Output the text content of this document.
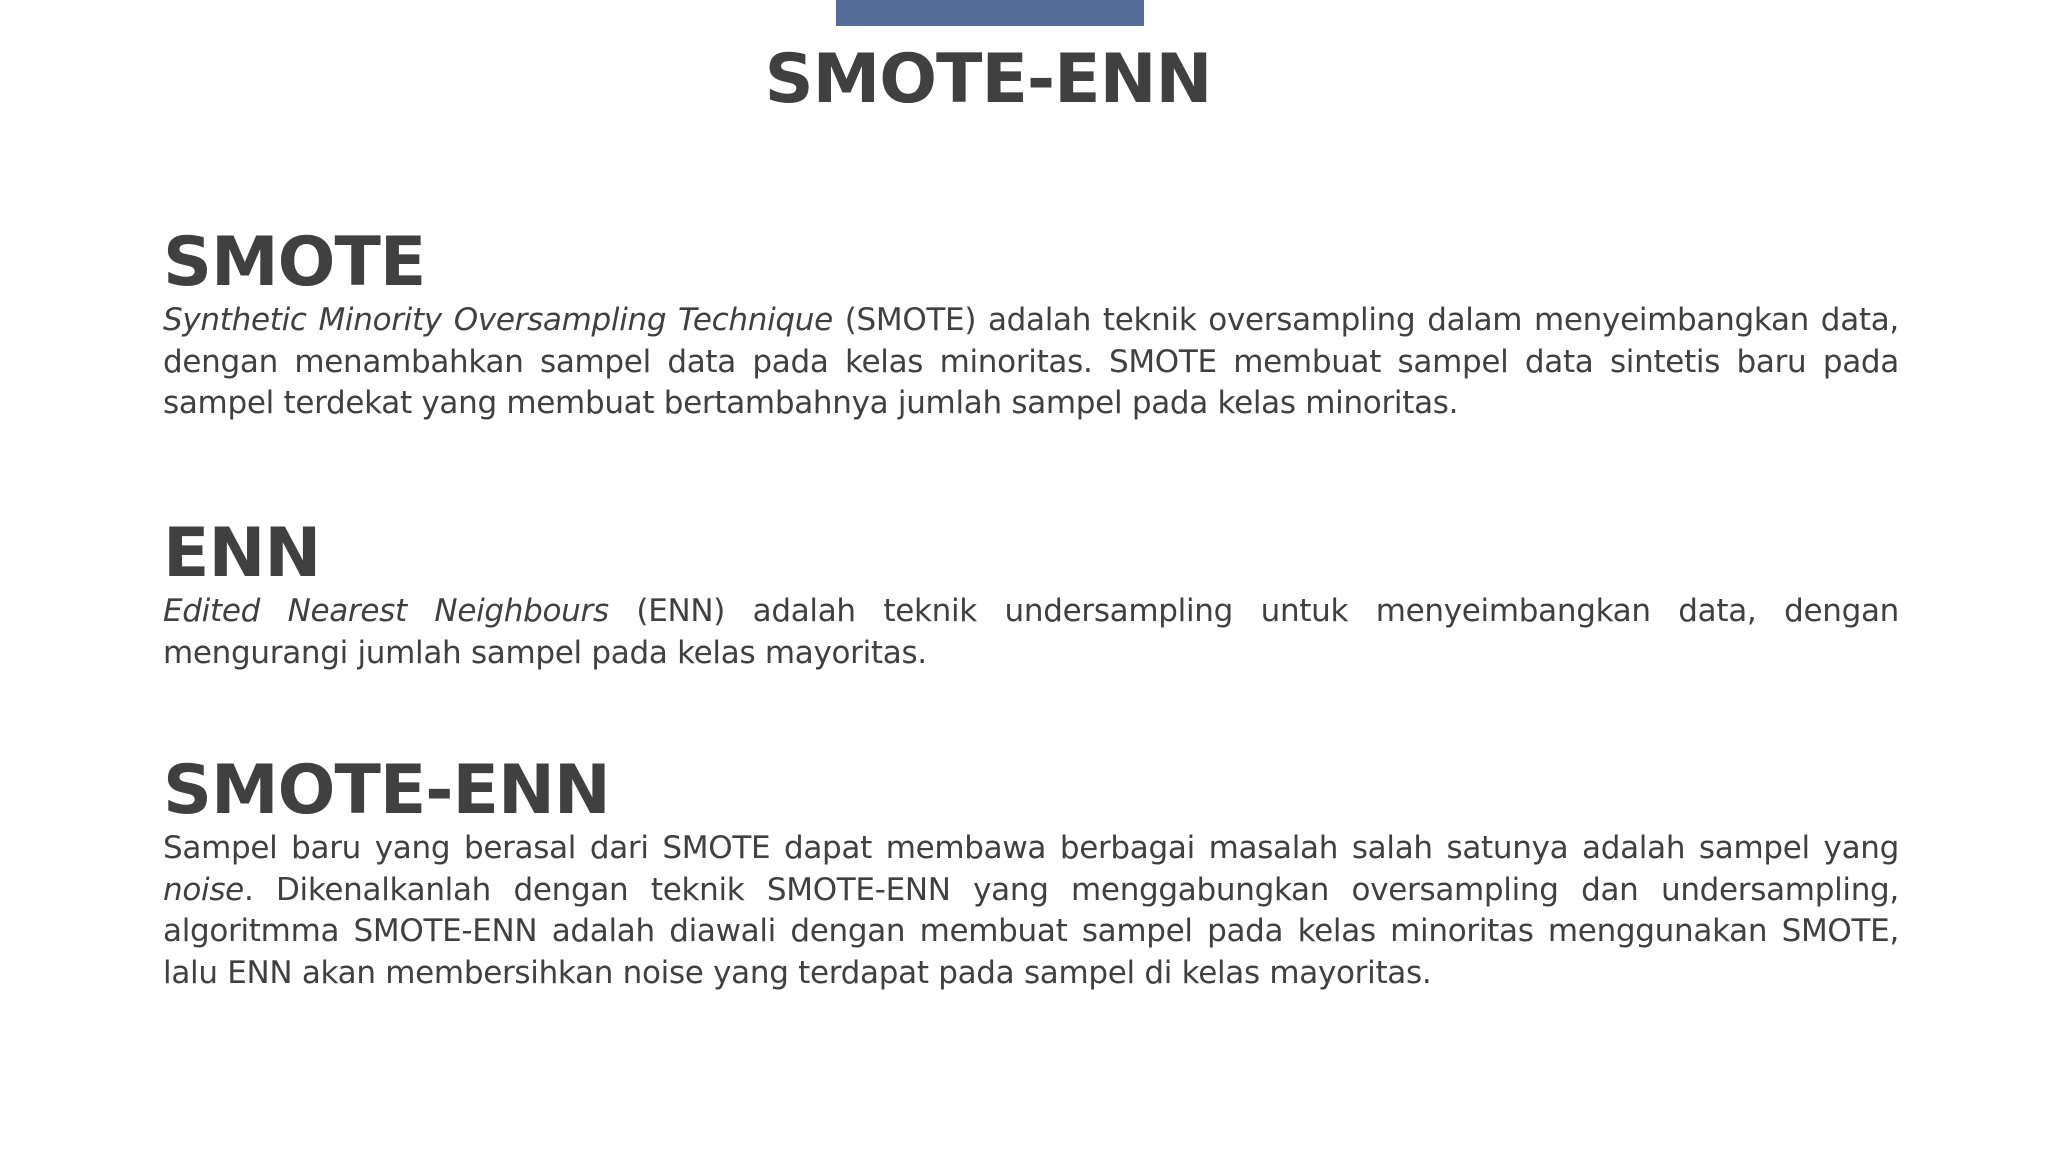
SMOTE-ENN
SMOTE

Synthetic Minority Oversampling Technique (SMOTE) adalah teknik oversampling dalam menyeimbangkan data, dengan menambahkan sampel data pada kelas minoritas. SMOTE membuat sampel data sintetis baru pada sampel terdekat yang membuat bertambahnya jumlah sampel pada kelas minoritas.

ENN

Edited Nearest Neighbours (ENN) adalah teknik undersampling untuk menyeimbangkan data, dengan mengurangi jumlah sampel pada kelas mayoritas.

SMOTE-ENN

Sampel baru yang berasal dari SMOTE dapat membawa berbagai masalah salah satunya adalah sampel yang noise. Dikenalkanlah dengan teknik SMOTE-ENN yang menggabungkan oversampling dan undersampling, algoritmma SMOTE-ENN adalah diawali dengan membuat sampel pada kelas minoritas menggunakan SMOTE, lalu ENN akan membersihkan noise yang terdapat pada sampel di kelas mayoritas.
